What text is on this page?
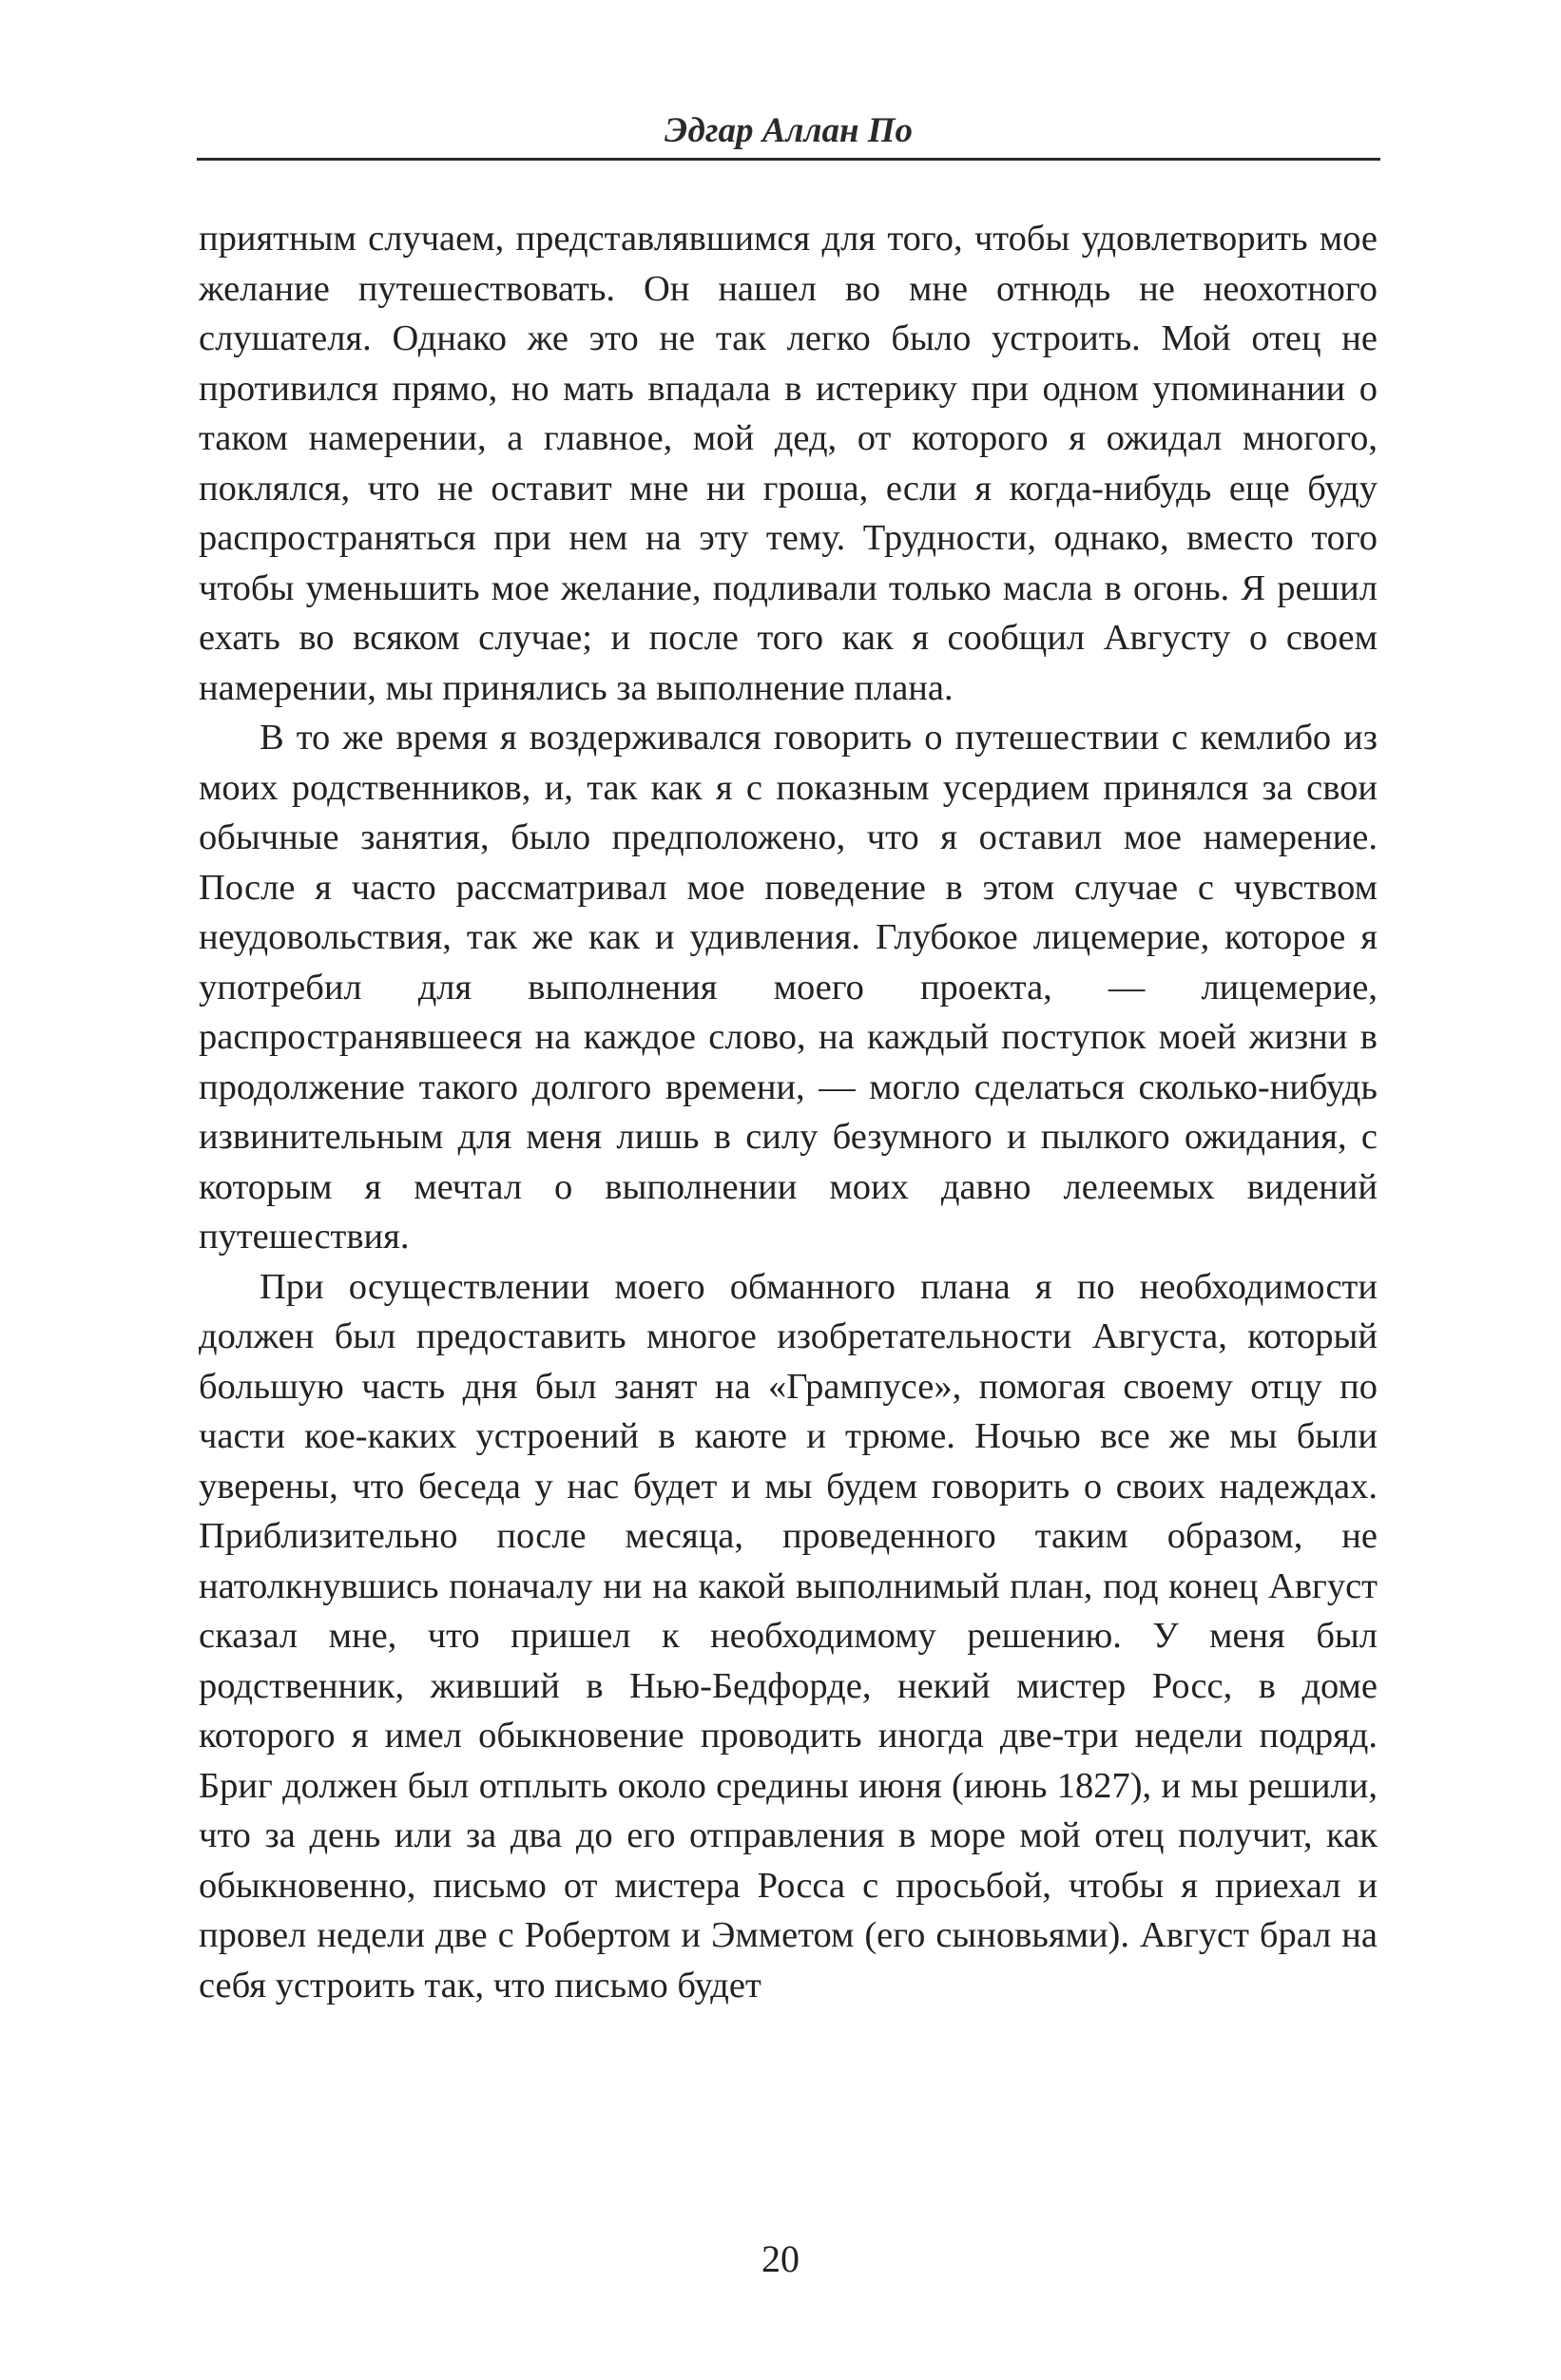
Эдгар Аллан По

приятным случаем, представлявшимся для того, чтобы удовлетворить мое желание путешествовать. Он нашел во мне отнюдь не неохотного слушателя. Однако же это не так легко было устроить. Мой отец не противился прямо, но мать впадала в истерику при одном упоминании о таком намерении, а главное, мой дед, от которого я ожидал многого, поклялся, что не оставит мне ни гроша, если я когда-нибудь еще буду распространяться при нем на эту тему. Трудности, однако, вместо того чтобы уменьшить мое желание, подливали только масла в огонь. Я решил ехать во всяком случае; и после того как я сообщил Августу о своем намерении, мы принялись за выполнение плана.

В то же время я воздерживался говорить о путешествии с кемлибо из моих родственников, и, так как я с показным усердием принялся за свои обычные занятия, было предположено, что я оставил мое намерение. После я часто рассматривал мое поведение в этом случае с чувством неудовольствия, так же как и удивления. Глубокое лицемерие, которое я употребил для выполнения моего проекта, — лицемерие, распространявшееся на каждое слово, на каждый поступок моей жизни в продолжение такого долгого времени, — могло сделаться сколько-нибудь извинительным для меня лишь в силу безумного и пылкого ожидания, с которым я мечтал о выполнении моих давно лелеемых видений путешествия.

При осуществлении моего обманного плана я по необходимости должен был предоставить многое изобретательности Августа, который большую часть дня был занят на «Грампусе», помогая своему отцу по части кое-каких устроений в каюте и трюме. Ночью все же мы были уверены, что беседа у нас будет и мы будем говорить о своих надеждах. Приблизительно после месяца, проведенного таким образом, не натолкнувшись поначалу ни на какой выполнимый план, под конец Август сказал мне, что пришел к необходимому решению. У меня был родственник, живший в Нью-Бедфорде, некий мистер Росс, в доме которого я имел обыкновение проводить иногда две-три недели подряд. Бриг должен был отплыть около средины июня (июнь 1827), и мы решили, что за день или за два до его отправления в море мой отец получит, как обыкновенно, письмо от мистера Росса с просьбой, чтобы я приехал и провел недели две с Робертом и Эмметом (его сыновьями). Август брал на себя устроить так, что письмо будет

20
